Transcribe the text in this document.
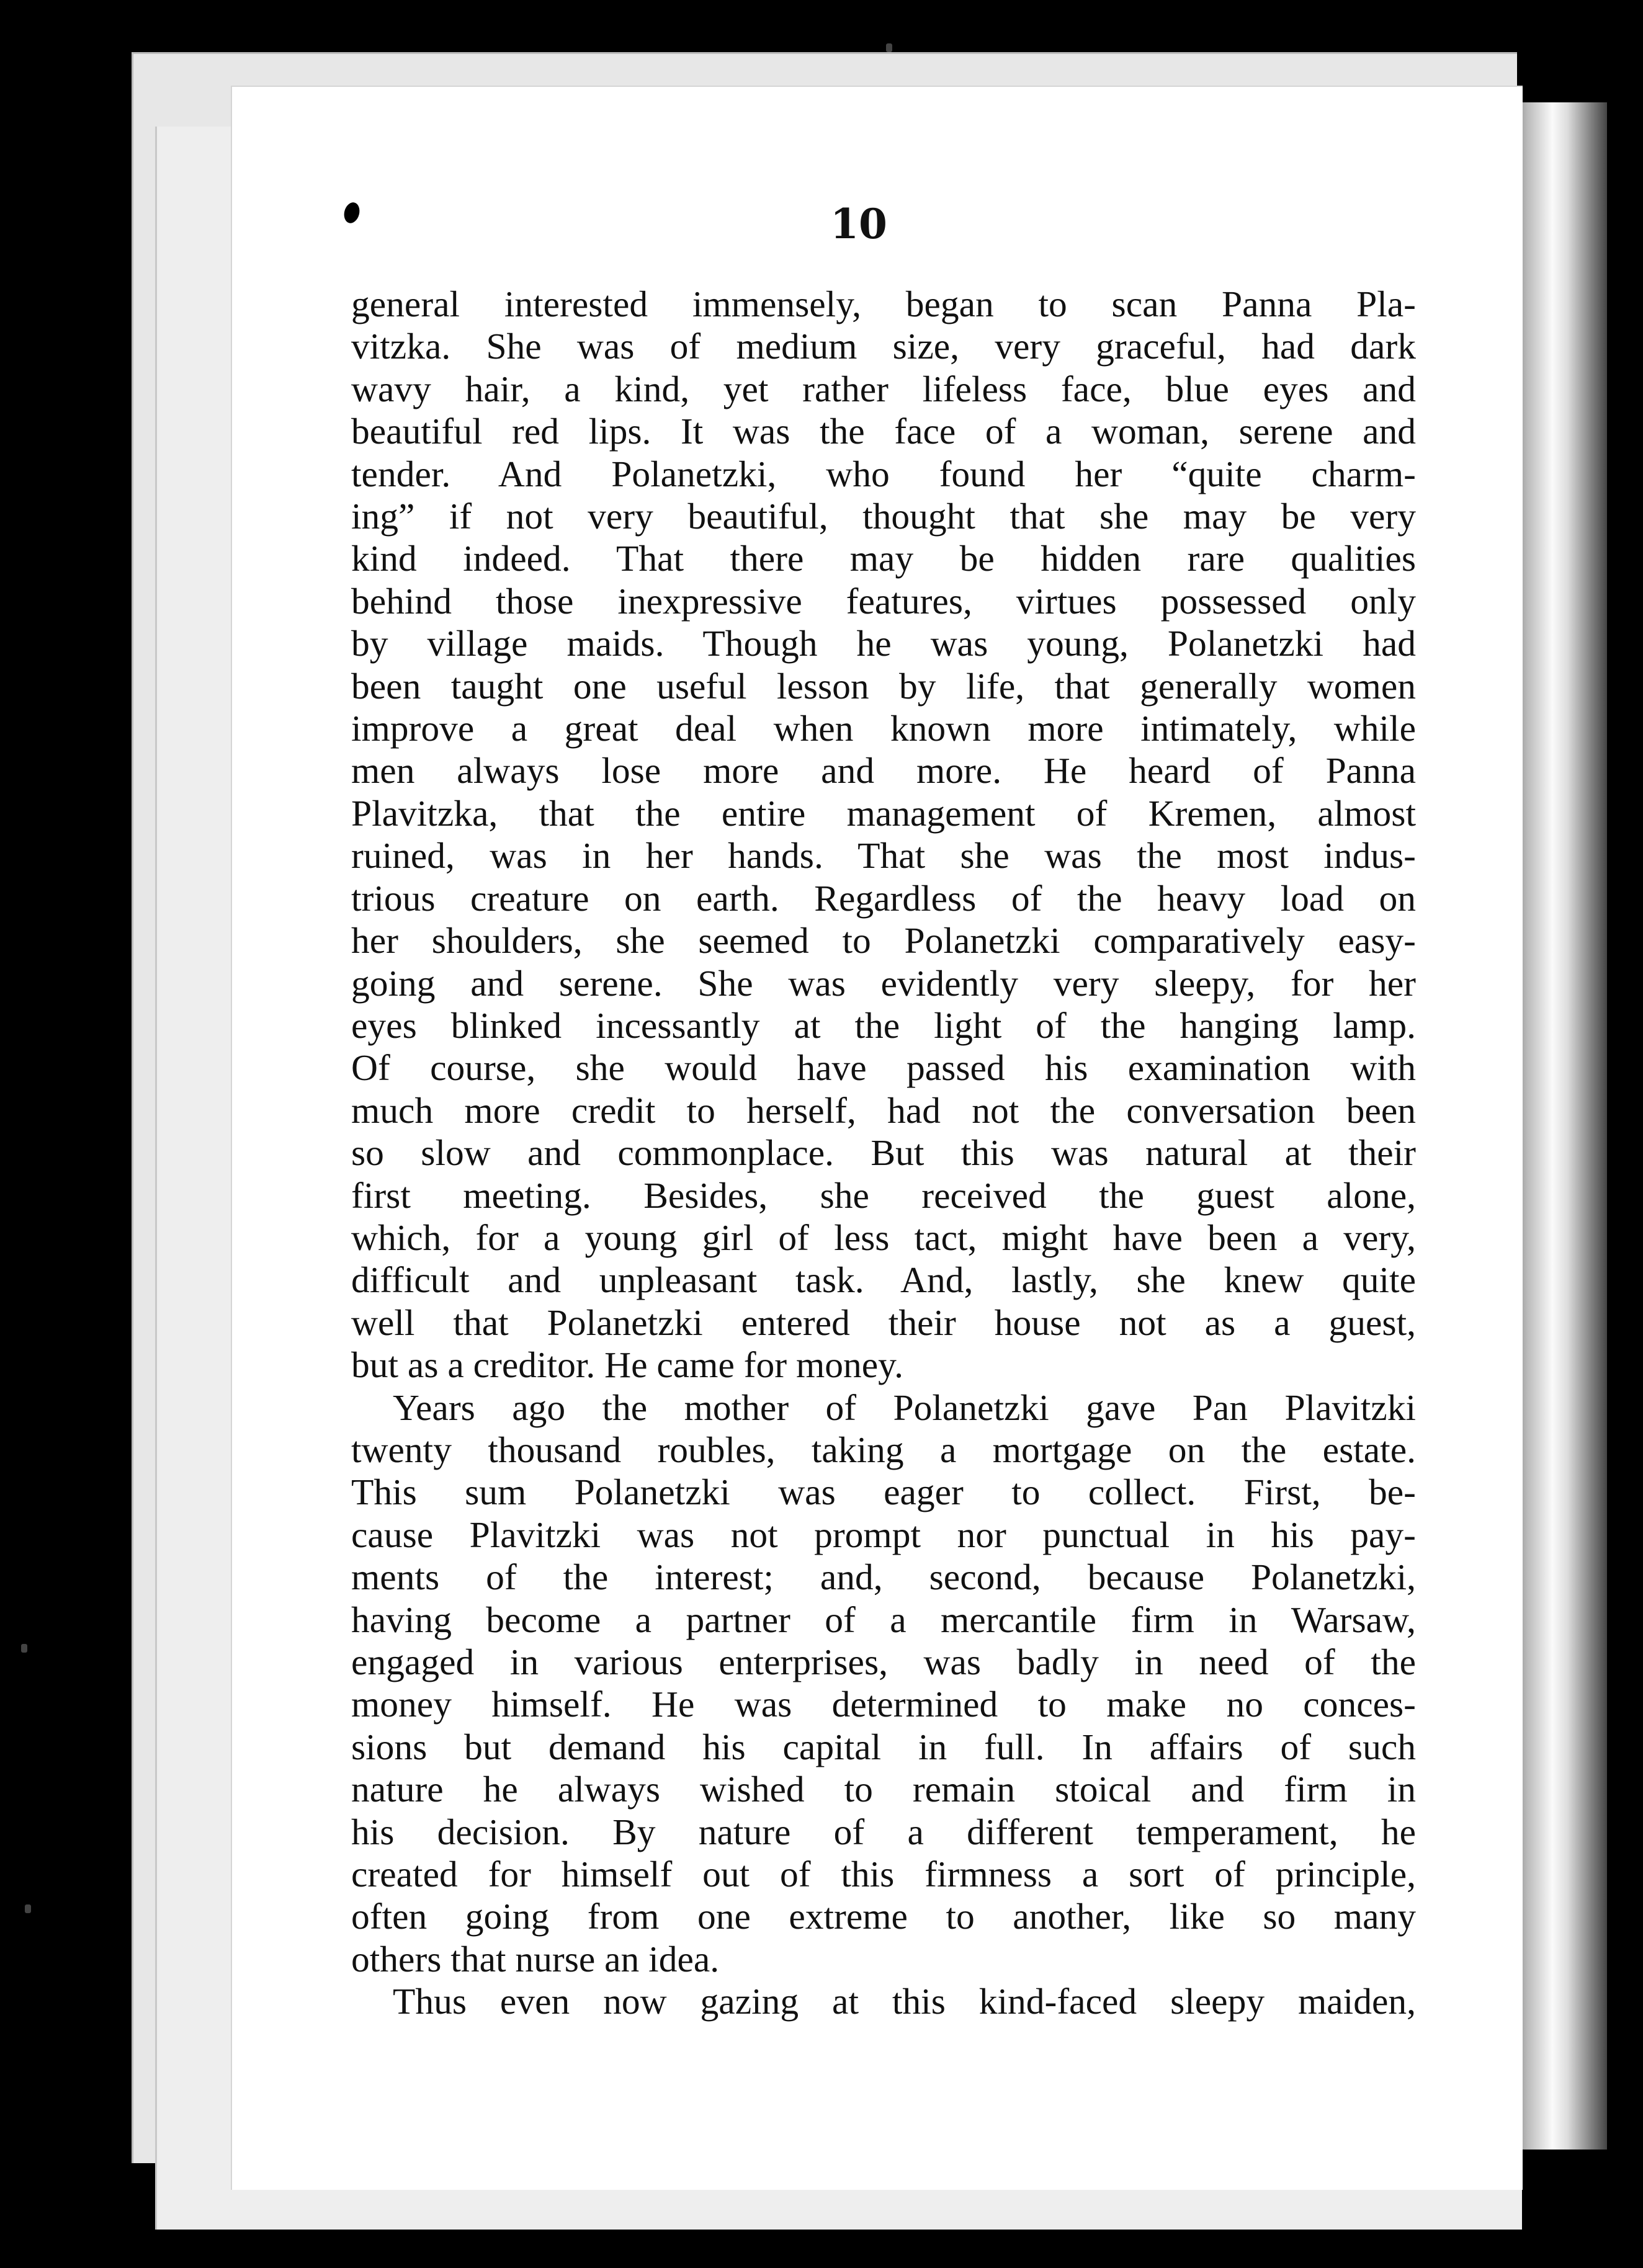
10
general interested immensely, began to scan Panna Pla-
vitzka. She was of medium size, very graceful, had dark
wavy hair, a kind, yet rather lifeless face, blue eyes and
beautiful red lips. It was the face of a woman, serene and
tender. And Polanetzki, who found her “quite charm-
ing” if not very beautiful, thought that she may be very
kind indeed. That there may be hidden rare qualities
behind those inexpressive features, virtues possessed only
by village maids. Though he was young, Polanetzki had
been taught one useful lesson by life, that generally women
improve a great deal when known more intimately, while
men always lose more and more. He heard of Panna
Plavitzka, that the entire management of Kremen, almost
ruined, was in her hands. That she was the most indus-
trious creature on earth. Regardless of the heavy load on
her shoulders, she seemed to Polanetzki comparatively easy-
going and serene. She was evidently very sleepy, for her
eyes blinked incessantly at the light of the hanging lamp.
Of course, she would have passed his examination with
much more credit to herself, had not the conversation been
so slow and commonplace. But this was natural at their
first meeting. Besides, she received the guest alone,
which, for a young girl of less tact, might have been a very,
difficult and unpleasant task. And, lastly, she knew quite
well that Polanetzki entered their house not as a guest,
but as a creditor. He came for money.
Years ago the mother of Polanetzki gave Pan Plavitzki
twenty thousand roubles, taking a mortgage on the estate.
This sum Polanetzki was eager to collect. First, be-
cause Plavitzki was not prompt nor punctual in his pay-
ments of the interest; and, second, because Polanetzki,
having become a partner of a mercantile firm in Warsaw,
engaged in various enterprises, was badly in need of the
money himself. He was determined to make no conces-
sions but demand his capital in full. In affairs of such
nature he always wished to remain stoical and firm in
his decision. By nature of a different temperament, he
created for himself out of this firmness a sort of principle,
often going from one extreme to another, like so many
others that nurse an idea.
Thus even now gazing at this kind-faced sleepy maiden,
